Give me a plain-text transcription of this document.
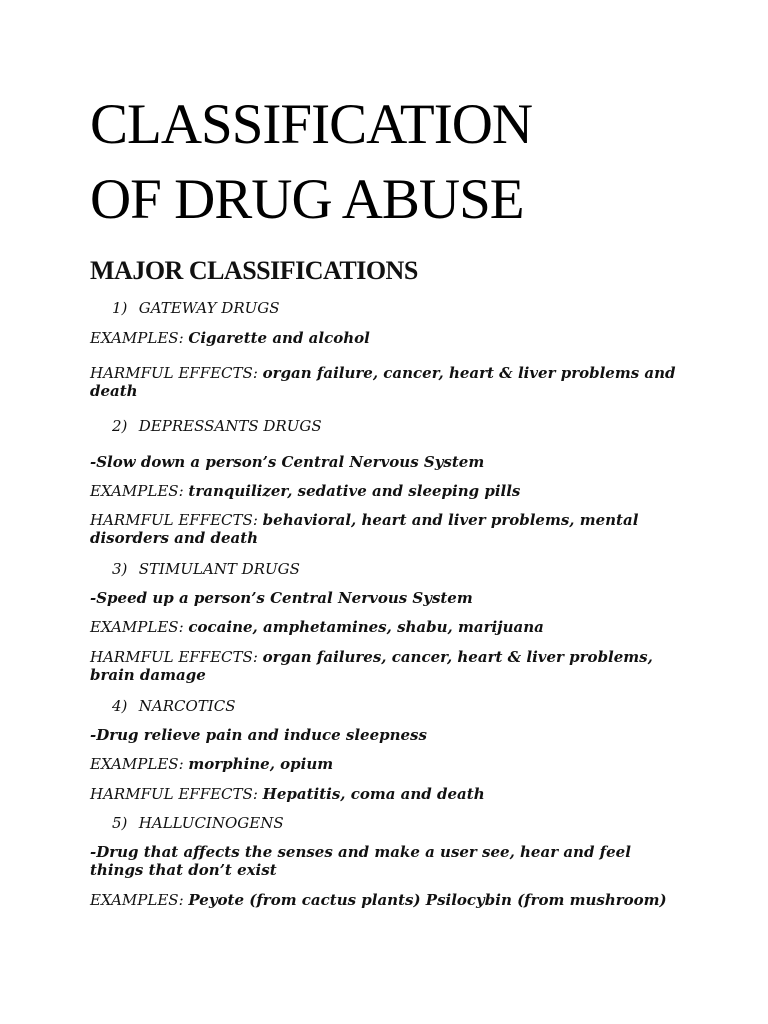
CLASSIFICATION
OF DRUG ABUSE
MAJOR CLASSIFICATIONS
1) GATEWAY DRUGS
EXAMPLES: Cigarette and alcohol
HARMFUL EFFECTS: organ failure, cancer, heart & liver problems and death
2) DEPRESSANTS DRUGS
-Slow down a person’s Central Nervous System
EXAMPLES: tranquilizer, sedative and sleeping pills
HARMFUL EFFECTS: behavioral, heart and liver problems, mental disorders and death
3) STIMULANT DRUGS
-Speed up a person’s Central Nervous System
EXAMPLES: cocaine, amphetamines, shabu, marijuana
HARMFUL EFFECTS: organ failures, cancer, heart & liver problems, brain damage
4) NARCOTICS
-Drug relieve pain and induce sleepness
EXAMPLES: morphine, opium
HARMFUL EFFECTS: Hepatitis, coma and death
5) HALLUCINOGENS
-Drug that affects the senses and make a user see, hear and feel things that don’t exist
EXAMPLES: Peyote (from cactus plants) Psilocybin (from mushroom)
